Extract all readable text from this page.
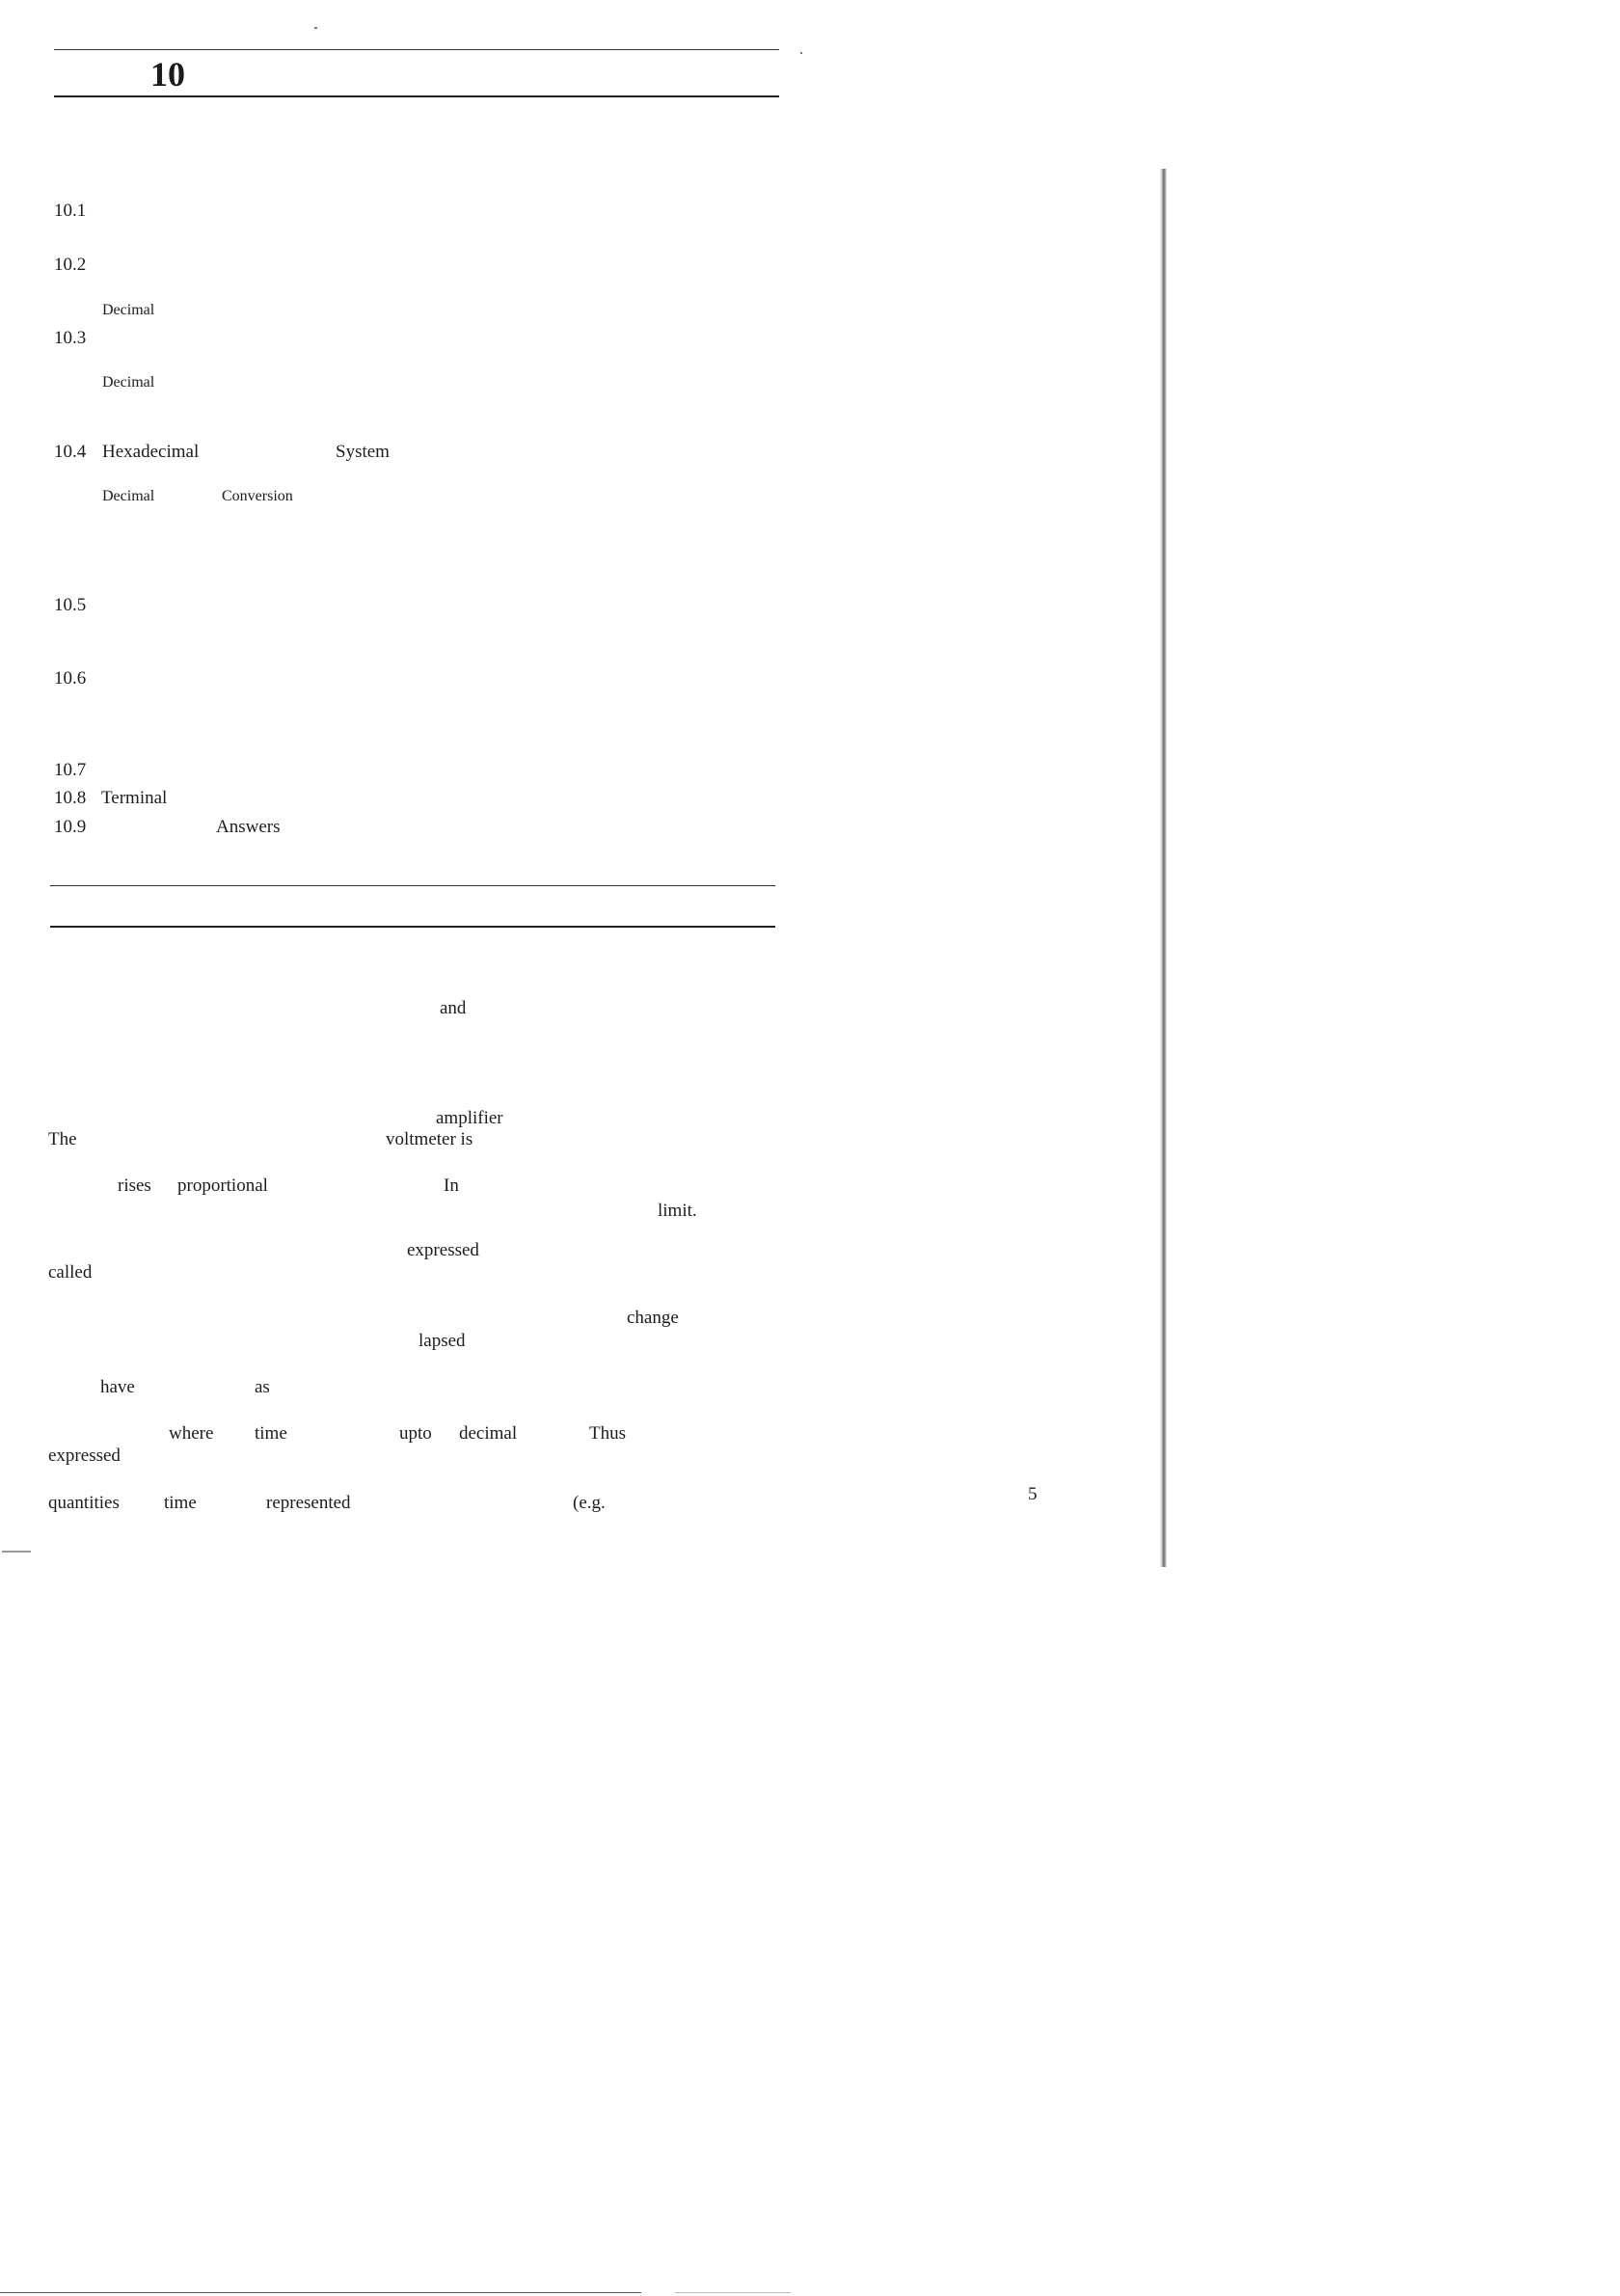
10
10.1
10.2
Decimal
10.3
Decimal
10.4 Hexadecimal	System
Decimal	Conversion
10.5
10.6
10.7
10.8 Terminal
10.9	Answers
and
amplifier
The	voltmeter is
rises proportional	In
limit.
expressed
called
change
lapsed
have	as
where time	upto decimal	Thus
expressed
quantities time	represented	(e.g.	5
